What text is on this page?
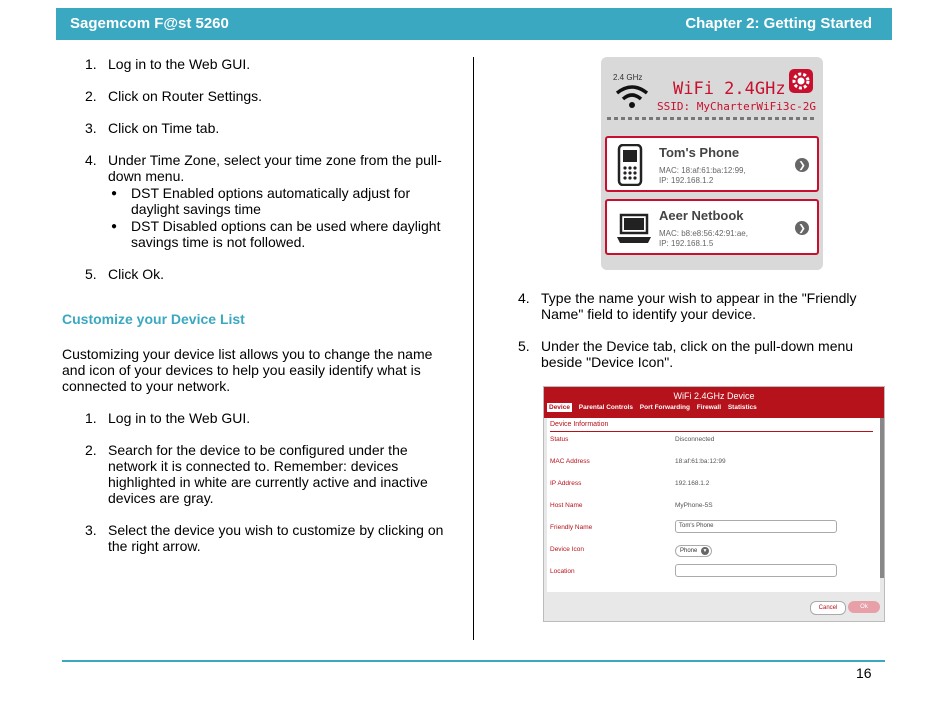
Sagemcom F@st 5260	Chapter 2: Getting Started
1. Log in to the Web GUI.
2. Click on Router Settings.
3. Click on Time tab.
4. Under Time Zone, select your time zone from the pull-
down menu.
● DST Enabled options automatically adjust for
daylight savings time
● DST Disabled options can be used where daylight
savings time is not followed.
5. Click Ok.
Customize your Device List
Customizing your device list allows you to change the name
and icon of your devices to help you easily identify what is
connected to your network.
1. Log in to the Web GUI.
2. Search for the device to be configured under the
network it is connected to. Remember: devices
highlighted in white are currently active and inactive
devices are gray.
3. Select the device you wish to customize by clicking on
the right arrow.
2.4 GHz
WiFi 2.4GHz
SSID: MyCharterWiFi3c-2G
Tom's Phone
MAC: 18:af:61:ba:12:99,
IP: 192.168.1.2
❯
Aeer Netbook
MAC: b8:e8:56:42:91:ae,
IP: 192.168.1.5
❯
4. Type the name your wish to appear in the "Friendly
Name" field to identify your device.
5. Under the Device tab, click on the pull-down menu
beside "Device Icon".
WiFi 2.4GHz Device
Device Parental Controls Port Forwarding Firewall Statistics
Device Information
Status	Disconnected
MAC Address	18:af:61:ba:12:99
IP Address	192.168.1.2
Host Name	MyPhone-5S
Friendly Name	Tom's Phone
Device Icon	Phone	▼
Location
Cancel	Ok
16
